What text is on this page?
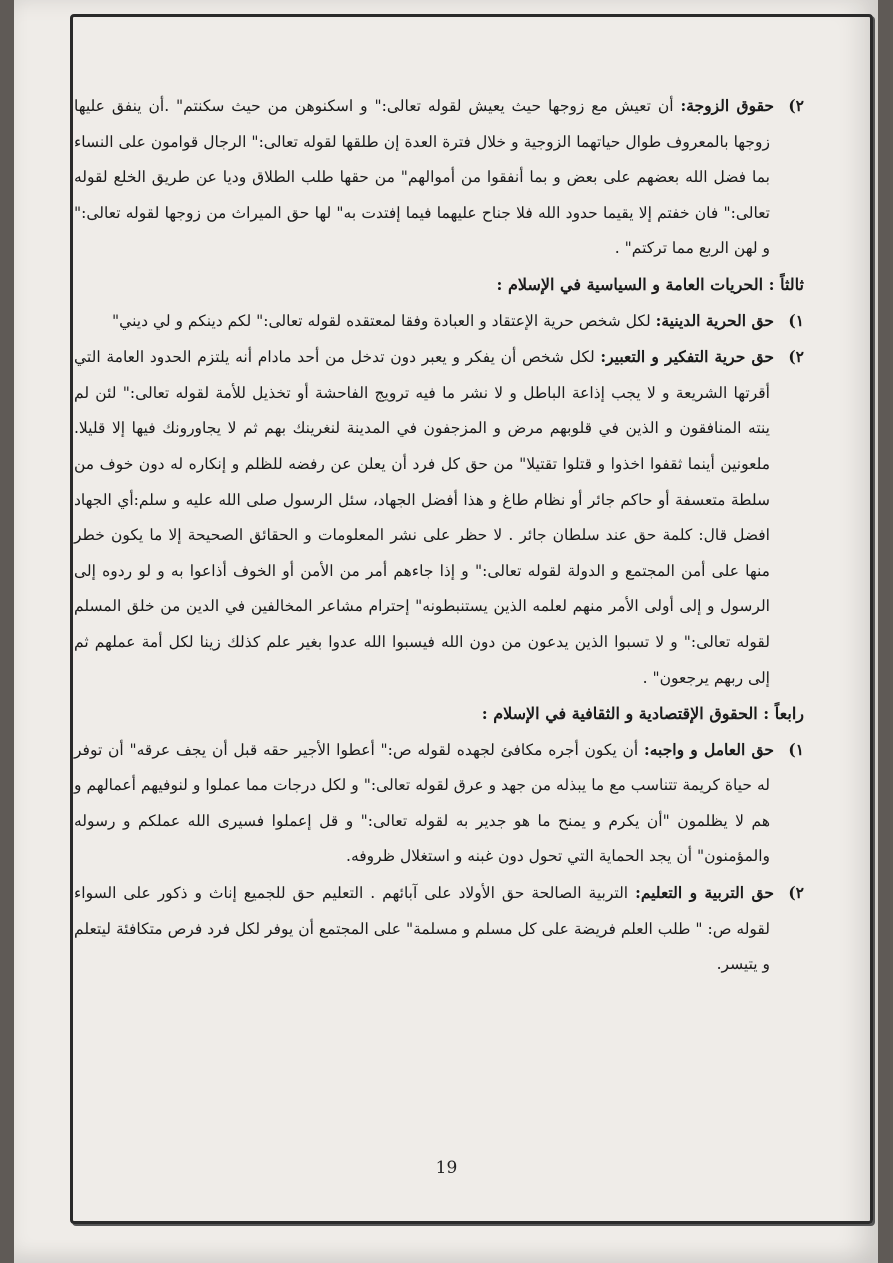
٢)حقوق الزوجة: أن تعيش مع زوجها حيث يعيش لقوله تعالى:" و اسكنوهن من حيث سكنتم" .أن ينفق عليها زوجها بالمعروف طوال حياتهما الزوجية و خلال فترة العدة إن طلقها لقوله تعالى:" الرجال قوامون على النساء بما فضل الله بعضهم على بعض و بما أنفقوا من أموالهم" من حقها طلب الطلاق وديا عن طريق الخلع لقوله تعالى:" فان خفتم إلا يقيما حدود الله فلا جناح عليهما فيما إفتدت به" لها حق الميراث من زوجها لقوله تعالى:" و لهن الربع مما تركتم" .

ثالثاً : الحريات العامة و السياسية في الإسلام :

١)حق الحرية الدينية: لكل شخص حرية الإعتقاد و العبادة وفقا لمعتقده لقوله تعالى:" لكم دينكم و لي ديني"

٢)حق حرية التفكير و التعبير: لكل شخص أن يفكر و يعبر دون تدخل من أحد مادام أنه يلتزم الحدود العامة التي أقرتها الشريعة و لا يجب إذاعة الباطل و لا نشر ما فيه ترويج الفاحشة أو تخذيل للأمة لقوله تعالى:" لئن لم ينته المنافقون و الذين في قلوبهم مرض و المزجفون في المدينة لنغرينك بهم ثم لا يجاورونك فيها إلا قليلا. ملعونين أينما ثقفوا اخذوا و قتلوا تقتيلا" من حق كل فرد أن يعلن عن رفضه للظلم و إنكاره له دون خوف من سلطة متعسفة أو حاكم جائر أو نظام طاغ و هذا أفضل الجهاد، سئل الرسول صلى الله عليه و سلم:أي الجهاد افضل قال: كلمة حق عند سلطان جائر . لا حظر على نشر المعلومات و الحقائق الصحيحة إلا ما يكون خطر منها على أمن المجتمع و الدولة لقوله تعالى:" و إذا جاءهم أمر من الأمن أو الخوف أذاعوا به و لو ردوه إلى الرسول و إلى أولى الأمر منهم لعلمه الذين يستنبطونه" إحترام مشاعر المخالفين في الدين من خلق المسلم لقوله تعالى:" و لا تسبوا الذين يدعون من دون الله فيسبوا الله عدوا بغير علم كذلك زينا لكل أمة عملهم ثم إلى ربهم يرجعون" .

رابعاً : الحقوق الإقتصادية و الثقافية في الإسلام :

١)حق العامل و واجبه: أن يكون أجره مكافئ لجهده لقوله ص:" أعطوا الأجير حقه قبل أن يجف عرقه" أن توفر له حياة كريمة تتناسب مع ما يبذله من جهد و عرق لقوله تعالى:" و لكل درجات مما عملوا و لنوفيهم أعمالهم و هم لا يظلمون "أن يكرم و يمنح ما هو جدير به لقوله تعالى:" و قل إعملوا فسيرى الله عملكم و رسوله والمؤمنون" أن يجد الحماية التي تحول دون غبنه و استغلال ظروفه.

٢)حق التربية و التعليم: التربية الصالحة حق الأولاد على آبائهم . التعليم حق للجميع إناث و ذكور على السواء لقوله ص: " طلب العلم فريضة على كل مسلم و مسلمة" على المجتمع أن يوفر لكل فرد فرص متكافئة ليتعلم و يتيسر.

19
